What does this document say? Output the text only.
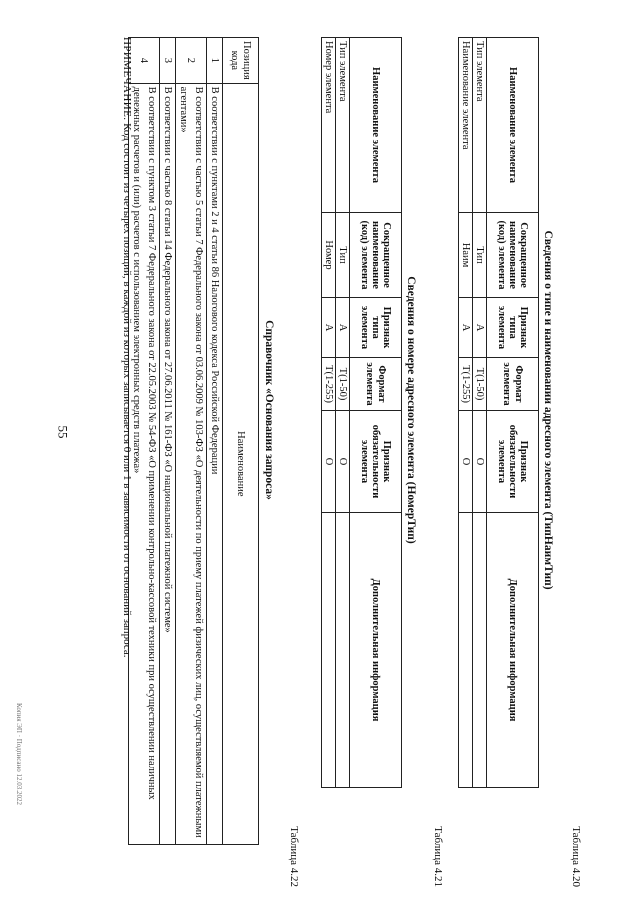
55
Копия ЭП · Подписано 12.03.2022
Таблица 4.20
Сведения о типе и наименовании адресного элемента (ТипНаимТип)
Наименование элемента	Сокращенное наименование (код) элемента	Признак типа элемента	Формат элемента	Признак обязательности элемента	Дополнительная информация
Тип элемента	Тип	А	Т(1-50)	О	
Наименование элемента	Наим	А	Т(1-255)	О	
Таблица 4.21
Сведения о номере адресного элемента (НомерТип)
Наименование элемента	Сокращенное наименование (код) элемента	Признак типа элемента	Формат элемента	Признак обязательности элемента	Дополнительная информация
Тип элемента	Тип	А	Т(1-50)	О	
Номер элемента	Номер	А	Т(1-255)	О	
Таблица 4.22
Справочник «Основания запроса»
Позиция кода	Наименование
1	В соответствии с пунктами 2 и 4 статьи 86 Налогового кодекса Российской Федерации
2	В соответствии с частью 5 статьи 7 Федерального закона от 03.06.2009 № 103-ФЗ «О деятельности по приему платежей физических лиц, осуществляемой платежными агентами»
3	В соответствии с частью 8 статьи 14 Федерального закона от 27.06.2011 № 161-ФЗ «О национальной платежной системе»
4	В соответствии с пунктом 3 статьи 7 Федерального закона от 22.05.2003 № 54-ФЗ «О применении контрольно-кассовой техники при осуществлении наличных денежных расчетов и (или) расчетов с использованием электронных средств платежа»
ПРИМЕЧАНИЕ. Код состоит из четырех позиций, в каждой из которых записывается 0 или 1 в зависимости от оснований запроса.
